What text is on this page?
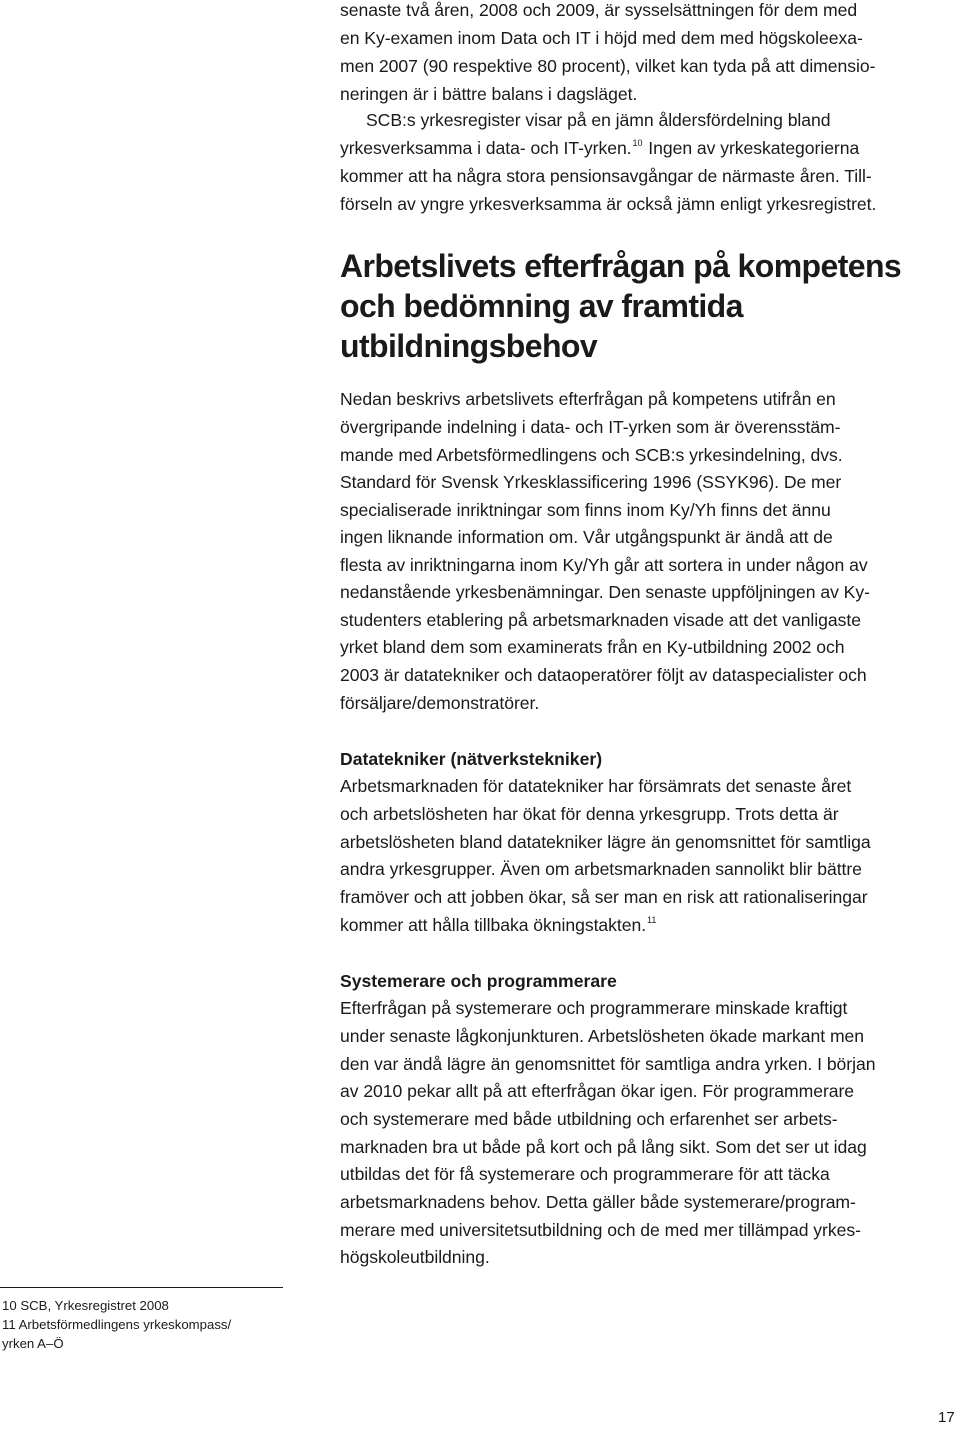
senaste två åren, 2008 och 2009, är sysselsättningen för dem med
en Ky-examen inom Data och IT i höjd med dem med högskoleexa-
men 2007 (90 respektive 80 procent), vilket kan tyda på att dimensio-
neringen är i bättre balans i dagsläget.
SCB:s yrkesregister visar på en jämn åldersfördelning bland
yrkesverksamma i data- och IT-yrken.$^{10}$ Ingen av yrkeskategorierna
kommer att ha några stora pensionsavgångar de närmaste åren. Till-
förseln av yngre yrkesverksamma är också jämn enligt yrkesregistret.
Arbetslivets efterfrågan på kompetens
och bedömning av framtida
utbildningsbehov
Nedan beskrivs arbetslivets efterfrågan på kompetens utifrån en
övergripande indelning i data- och IT-yrken som är överensstäm-
mande med Arbetsförmedlingens och SCB:s yrkesindelning, dvs.
Standard för Svensk Yrkesklassificering 1996 (SSYK96). De mer
specialiserade inriktningar som finns inom Ky/Yh finns det ännu
ingen liknande information om. Vår utgångspunkt är ändå att de
flesta av inriktningarna inom Ky/Yh går att sortera in under någon av
nedanstående yrkesbenämningar. Den senaste uppföljningen av Ky-
studenters etablering på arbetsmarknaden visade att det vanligaste
yrket bland dem som examinerats från en Ky-utbildning 2002 och
2003 är datatekniker och dataoperatörer följt av dataspecialister och
försäljare/demonstratörer.
Datatekniker (nätverkstekniker)
Arbetsmarknaden för datatekniker har försämrats det senaste året
och arbetslösheten har ökat för denna yrkesgrupp. Trots detta är
arbetslösheten bland datatekniker lägre än genomsnittet för samtliga
andra yrkesgrupper. Även om arbetsmarknaden sannolikt blir bättre
framöver och att jobben ökar, så ser man en risk att rationaliseringar
kommer att hålla tillbaka ökningstakten.$^{11}$
Systemerare och programmerare
Efterfrågan på systemerare och programmerare minskade kraftigt
under senaste lågkonjunkturen. Arbetslösheten ökade markant men
den var ändå lägre än genomsnittet för samtliga andra yrken. I början
av 2010 pekar allt på att efterfrågan ökar igen. För programmerare
och systemerare med både utbildning och erfarenhet ser arbets-
marknaden bra ut både på kort och på lång sikt. Som det ser ut idag
utbildas det för få systemerare och programmerare för att täcka
arbetsmarknadens behov. Detta gäller både systemerare/program-
merare med universitetsutbildning och de med mer tillämpad yrkes-
högskoleutbildning.
10 SCB, Yrkesregistret 2008
11 Arbetsförmedlingens yrkeskompass/
yrken A–Ö
17
